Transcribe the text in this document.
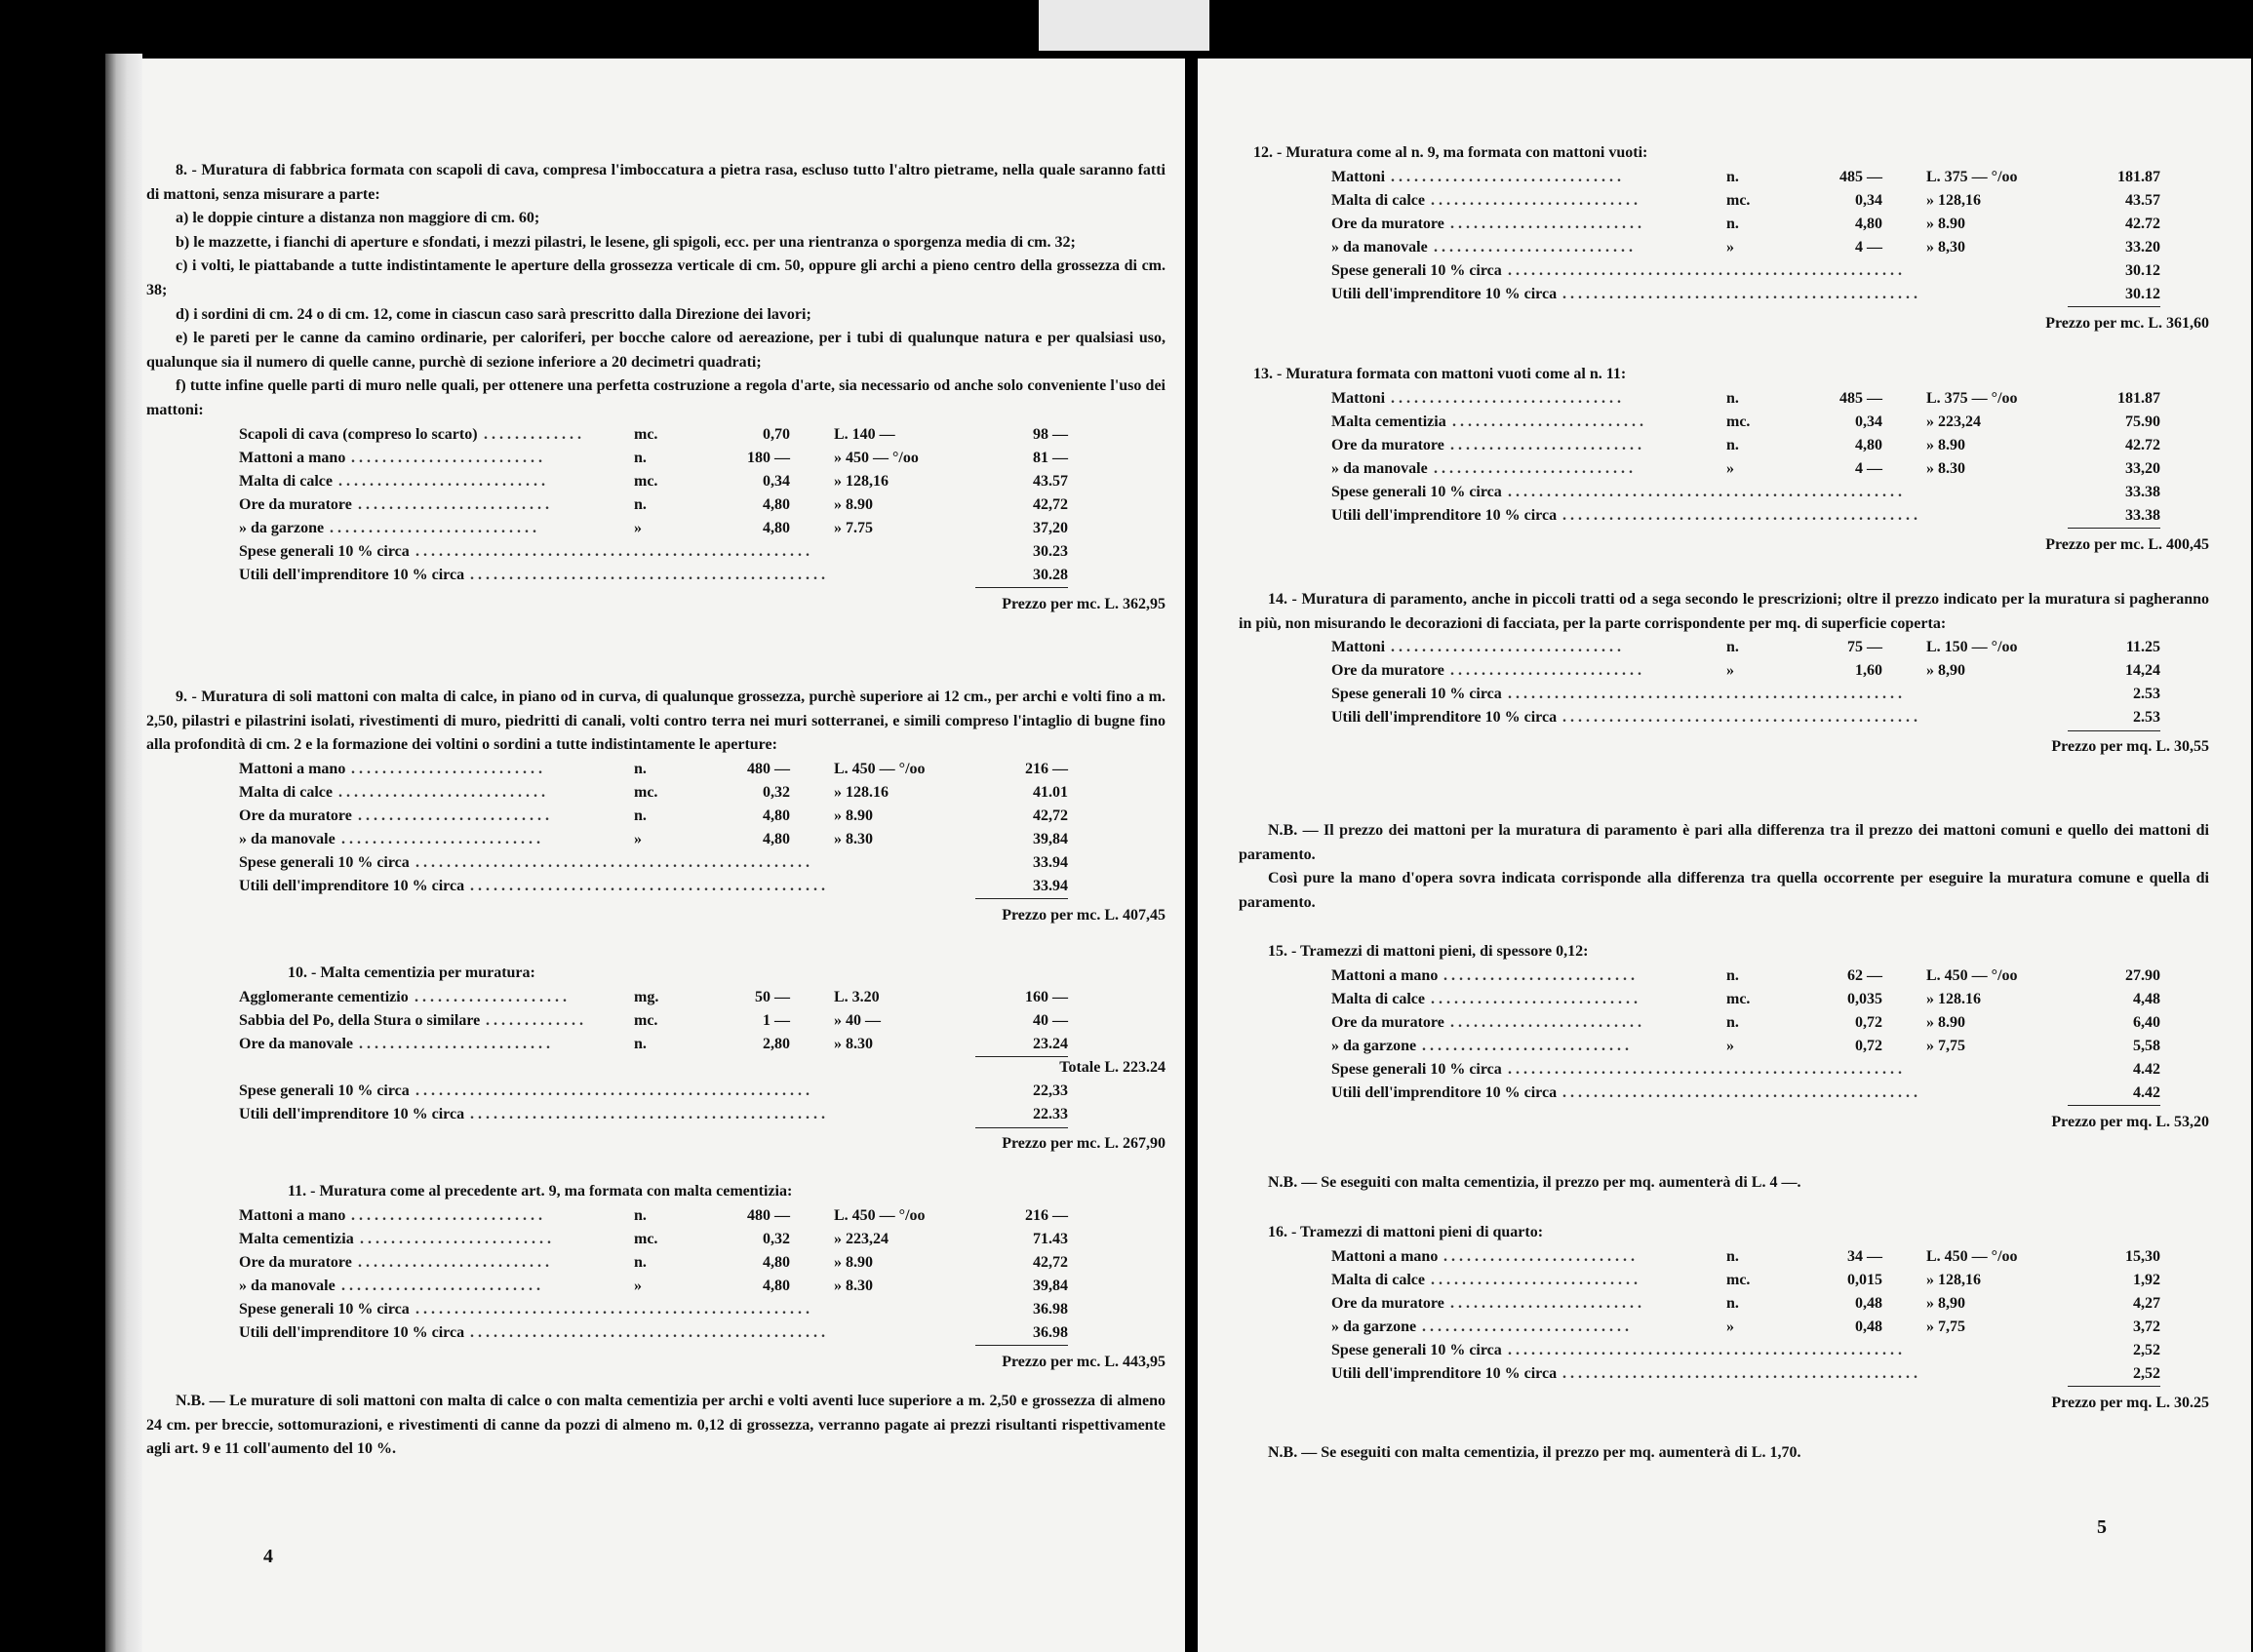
8. - Muratura di fabbrica formata con scapoli di cava, compresa l'imboccatura a pietra rasa, escluso tutto l'altro pietrame, nella quale saranno fatti di mattoni, senza misurare a parte:

a) le doppie cinture a distanza non maggiore di cm. 60;

b) le mazzette, i fianchi di aperture e sfondati, i mezzi pilastri, le lesene, gli spigoli, ecc. per una rientranza o sporgenza media di cm. 32;

c) i volti, le piattabande a tutte indistintamente le aperture della grossezza verticale di cm. 50, oppure gli archi a pieno centro della grossezza di cm. 38;

d) i sordini di cm. 24 o di cm. 12, come in ciascun caso sarà prescritto dalla Direzione dei lavori;

e) le pareti per le canne da camino ordinarie, per caloriferi, per bocche calore od aereazione, per i tubi di qualunque natura e per qualsiasi uso, qualunque sia il numero di quelle canne, purchè di sezione inferiore a 20 decimetri quadrati;

f) tutte infine quelle parti di muro nelle quali, per ottenere una perfetta costruzione a regola d'arte, sia necessario od anche solo conveniente l'uso dei mattoni:

Scapoli di cava (compreso lo scarto) . . . . . . . . . . . . .	mc.	0,70	L. 140 —	98 —
Mattoni a mano . . . . . . . . . . . . . . . . . . . . . . . . .	n.	180 —	» 450 — °/oo	81 —
Malta di calce . . . . . . . . . . . . . . . . . . . . . . . . . . .	mc.	0,34	» 128,16	43.57
Ore da muratore . . . . . . . . . . . . . . . . . . . . . . . . .	n.	4,80	» 8.90	42,72
» da garzone . . . . . . . . . . . . . . . . . . . . . . . . . . .	»	4,80	» 7.75	37,20
Spese generali 10 % circa . . . . . . . . . . . . . . . . . . . . . . . . . . . . . . . . . . . . . . . . . . . . . . . . . . .	30.23
Utili dell'imprenditore 10 % circa . . . . . . . . . . . . . . . . . . . . . . . . . . . . . . . . . . . . . . . . . . . . . .	30.28
Prezzo per mc. L. 362,95

9. - Muratura di soli mattoni con malta di calce, in piano od in curva, di qualunque grossezza, purchè superiore ai 12 cm., per archi e volti fino a m. 2,50, pilastri e pilastrini isolati, rivestimenti di muro, piedritti di canali, volti contro terra nei muri sotterranei, e simili compreso l'intaglio di bugne fino alla profondità di cm. 2 e la formazione dei voltini o sordini a tutte indistintamente le aperture:

Mattoni a mano . . . . . . . . . . . . . . . . . . . . . . . . .	n.	480 —	L. 450 — °/oo	216 —
Malta di calce . . . . . . . . . . . . . . . . . . . . . . . . . . .	mc.	0,32	» 128.16	41.01
Ore da muratore . . . . . . . . . . . . . . . . . . . . . . . . .	n.	4,80	» 8.90	42,72
» da manovale . . . . . . . . . . . . . . . . . . . . . . . . . .	»	4,80	» 8.30	39,84
Spese generali 10 % circa . . . . . . . . . . . . . . . . . . . . . . . . . . . . . . . . . . . . . . . . . . . . . . . . . . .	33.94
Utili dell'imprenditore 10 % circa . . . . . . . . . . . . . . . . . . . . . . . . . . . . . . . . . . . . . . . . . . . . . .	33.94
Prezzo per mc. L. 407,45

10. - Malta cementizia per muratura:

Agglomerante cementizio . . . . . . . . . . . . . . . . . . . .	mg.	50 —	L. 3.20	160 —
Sabbia del Po, della Stura o similare . . . . . . . . . . . . .	mc.	1 —	» 40 —	40 —
Ore da manovale . . . . . . . . . . . . . . . . . . . . . . . . .	n.	2,80	» 8.30	23.24
Totale L. 223.24
Spese generali 10 % circa . . . . . . . . . . . . . . . . . . . . . . . . . . . . . . . . . . . . . . . . . . . . . . . . . . .	22,33
Utili dell'imprenditore 10 % circa . . . . . . . . . . . . . . . . . . . . . . . . . . . . . . . . . . . . . . . . . . . . . .	22.33
Prezzo per mc. L. 267,90

11. - Muratura come al precedente art. 9, ma formata con malta cementizia:

Mattoni a mano . . . . . . . . . . . . . . . . . . . . . . . . .	n.	480 —	L. 450 — °/oo	216 —
Malta cementizia . . . . . . . . . . . . . . . . . . . . . . . . .	mc.	0,32	» 223,24	71.43
Ore da muratore . . . . . . . . . . . . . . . . . . . . . . . . .	n.	4,80	» 8.90	42,72
» da manovale . . . . . . . . . . . . . . . . . . . . . . . . . .	»	4,80	» 8.30	39,84
Spese generali 10 % circa . . . . . . . . . . . . . . . . . . . . . . . . . . . . . . . . . . . . . . . . . . . . . . . . . . .	36.98
Utili dell'imprenditore 10 % circa . . . . . . . . . . . . . . . . . . . . . . . . . . . . . . . . . . . . . . . . . . . . . .	36.98
Prezzo per mc. L. 443,95

N.B. — Le murature di soli mattoni con malta di calce o con malta cementizia per archi e volti aventi luce superiore a m. 2,50 e grossezza di almeno 24 cm. per breccie, sottomurazioni, e rivestimenti di canne da pozzi di almeno m. 0,12 di grossezza, verranno pagate ai prezzi risultanti rispettivamente agli art. 9 e 11 coll'aumento del 10 %.

4

12. - Muratura come al n. 9, ma formata con mattoni vuoti:

Mattoni . . . . . . . . . . . . . . . . . . . . . . . . . . . . . .	n.	485 —	L. 375 — °/oo	181.87
Malta di calce . . . . . . . . . . . . . . . . . . . . . . . . . . .	mc.	0,34	» 128,16	43.57
Ore da muratore . . . . . . . . . . . . . . . . . . . . . . . . .	n.	4,80	» 8.90	42.72
» da manovale . . . . . . . . . . . . . . . . . . . . . . . . . .	»	4 —	» 8,30	33.20
Spese generali 10 % circa . . . . . . . . . . . . . . . . . . . . . . . . . . . . . . . . . . . . . . . . . . . . . . . . . . .	30.12
Utili dell'imprenditore 10 % circa . . . . . . . . . . . . . . . . . . . . . . . . . . . . . . . . . . . . . . . . . . . . . .	30.12
Prezzo per mc. L. 361,60

13. - Muratura formata con mattoni vuoti come al n. 11:

Mattoni . . . . . . . . . . . . . . . . . . . . . . . . . . . . . .	n.	485 —	L. 375 — °/oo	181.87
Malta cementizia . . . . . . . . . . . . . . . . . . . . . . . . .	mc.	0,34	» 223,24	75.90
Ore da muratore . . . . . . . . . . . . . . . . . . . . . . . . .	n.	4,80	» 8.90	42.72
» da manovale . . . . . . . . . . . . . . . . . . . . . . . . . .	»	4 —	» 8.30	33,20
Spese generali 10 % circa . . . . . . . . . . . . . . . . . . . . . . . . . . . . . . . . . . . . . . . . . . . . . . . . . . .	33.38
Utili dell'imprenditore 10 % circa . . . . . . . . . . . . . . . . . . . . . . . . . . . . . . . . . . . . . . . . . . . . . .	33.38
Prezzo per mc. L. 400,45

14. - Muratura di paramento, anche in piccoli tratti od a sega secondo le prescrizioni; oltre il prezzo indicato per la muratura si pagheranno in più, non misurando le decorazioni di facciata, per la parte corrispondente per mq. di superficie coperta:

Mattoni . . . . . . . . . . . . . . . . . . . . . . . . . . . . . .	n.	75 —	L. 150 — °/oo	11.25
Ore da muratore . . . . . . . . . . . . . . . . . . . . . . . . .	»	1,60	» 8,90	14,24
Spese generali 10 % circa . . . . . . . . . . . . . . . . . . . . . . . . . . . . . . . . . . . . . . . . . . . . . . . . . . .	2.53
Utili dell'imprenditore 10 % circa . . . . . . . . . . . . . . . . . . . . . . . . . . . . . . . . . . . . . . . . . . . . . .	2.53
Prezzo per mq. L. 30,55

N.B. — Il prezzo dei mattoni per la muratura di paramento è pari alla differenza tra il prezzo dei mattoni comuni e quello dei mattoni di paramento.

Così pure la mano d'opera sovra indicata corrisponde alla differenza tra quella occorrente per eseguire la muratura comune e quella di paramento.

15. - Tramezzi di mattoni pieni, di spessore 0,12:

Mattoni a mano . . . . . . . . . . . . . . . . . . . . . . . . .	n.	62 —	L. 450 — °/oo	27.90
Malta di calce . . . . . . . . . . . . . . . . . . . . . . . . . . .	mc.	0,035	» 128.16	4,48
Ore da muratore . . . . . . . . . . . . . . . . . . . . . . . . .	n.	0,72	» 8.90	6,40
» da garzone . . . . . . . . . . . . . . . . . . . . . . . . . . .	»	0,72	» 7,75	5,58
Spese generali 10 % circa . . . . . . . . . . . . . . . . . . . . . . . . . . . . . . . . . . . . . . . . . . . . . . . . . . .	4.42
Utili dell'imprenditore 10 % circa . . . . . . . . . . . . . . . . . . . . . . . . . . . . . . . . . . . . . . . . . . . . . .	4.42
Prezzo per mq. L. 53,20

N.B. — Se eseguiti con malta cementizia, il prezzo per mq. aumenterà di L. 4 —.

16. - Tramezzi di mattoni pieni di quarto:

Mattoni a mano . . . . . . . . . . . . . . . . . . . . . . . . .	n.	34 —	L. 450 — °/oo	15,30
Malta di calce . . . . . . . . . . . . . . . . . . . . . . . . . . .	mc.	0,015	» 128,16	1,92
Ore da muratore . . . . . . . . . . . . . . . . . . . . . . . . .	n.	0,48	» 8,90	4,27
» da garzone . . . . . . . . . . . . . . . . . . . . . . . . . . .	»	0,48	» 7,75	3,72
Spese generali 10 % circa . . . . . . . . . . . . . . . . . . . . . . . . . . . . . . . . . . . . . . . . . . . . . . . . . . .	2,52
Utili dell'imprenditore 10 % circa . . . . . . . . . . . . . . . . . . . . . . . . . . . . . . . . . . . . . . . . . . . . . .	2,52
Prezzo per mq. L. 30.25

N.B. — Se eseguiti con malta cementizia, il prezzo per mq. aumenterà di L. 1,70.

5
